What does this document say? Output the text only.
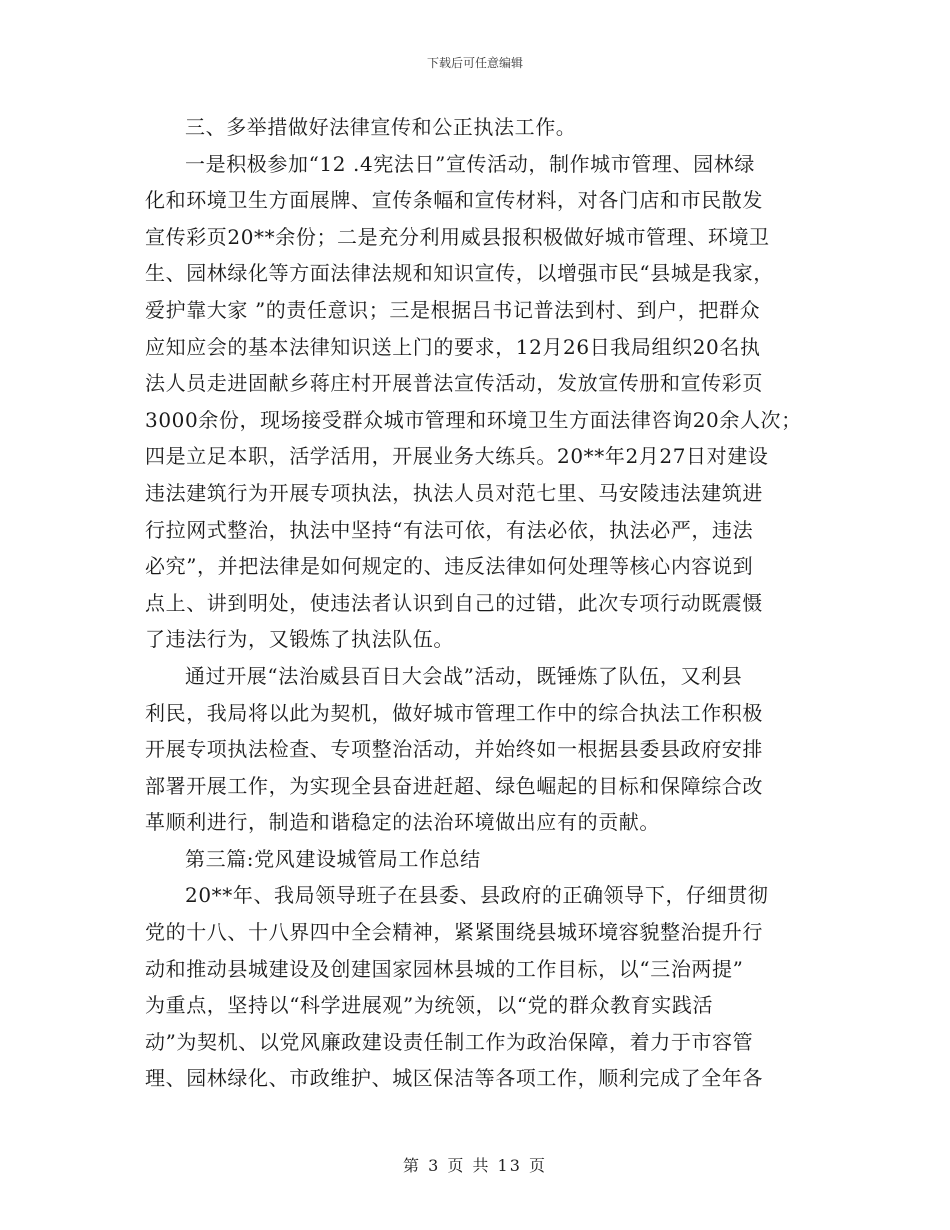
下载后可任意编辑
三、多举措做好法律宣传和公正执法工作。
一是积极参加“12 .4宪法日”宣传活动，制作城市管理、园林绿
化和环境卫生方面展牌、宣传条幅和宣传材料，对各门店和市民散发
宣传彩页20**余份；二是充分利用威县报积极做好城市管理、环境卫
生、园林绿化等方面法律法规和知识宣传，以增强市民“县城是我家，
爱护靠大家 ”的责任意识；三是根据吕书记普法到村、到户，把群众
应知应会的基本法律知识送上门的要求，12月26日我局组织20名执
法人员走进固献乡蒋庄村开展普法宣传活动，发放宣传册和宣传彩页
3000余份，现场接受群众城市管理和环境卫生方面法律咨询20余人次；
四是立足本职，活学活用，开展业务大练兵。20**年2月27日对建设
违法建筑行为开展专项执法，执法人员对范七里、马安陵违法建筑进
行拉网式整治，执法中坚持“有法可依，有法必依，执法必严，违法
必究”，并把法律是如何规定的、违反法律如何处理等核心内容说到
点上、讲到明处，使违法者认识到自己的过错，此次专项行动既震慑
了违法行为，又锻炼了执法队伍。
通过开展“法治威县百日大会战”活动，既锤炼了队伍，又利县
利民，我局将以此为契机，做好城市管理工作中的综合执法工作积极
开展专项执法检查、专项整治活动，并始终如一根据县委县政府安排
部署开展工作，为实现全县奋进赶超、绿色崛起的目标和保障综合改
革顺利进行，制造和谐稳定的法治环境做出应有的贡献。
第三篇:党风建设城管局工作总结
20**年、我局领导班子在县委、县政府的正确领导下，仔细贯彻
党的十八、十八界四中全会精神，紧紧围绕县城环境容貌整治提升行
动和推动县城建设及创建国家园林县城的工作目标，以“三治两提”
为重点，坚持以“科学进展观”为统领，以“党的群众教育实践活
动”为契机、以党风廉政建设责任制工作为政治保障，着力于市容管
理、园林绿化、市政维护、城区保洁等各项工作，顺利完成了全年各
第 3 页 共 13 页
